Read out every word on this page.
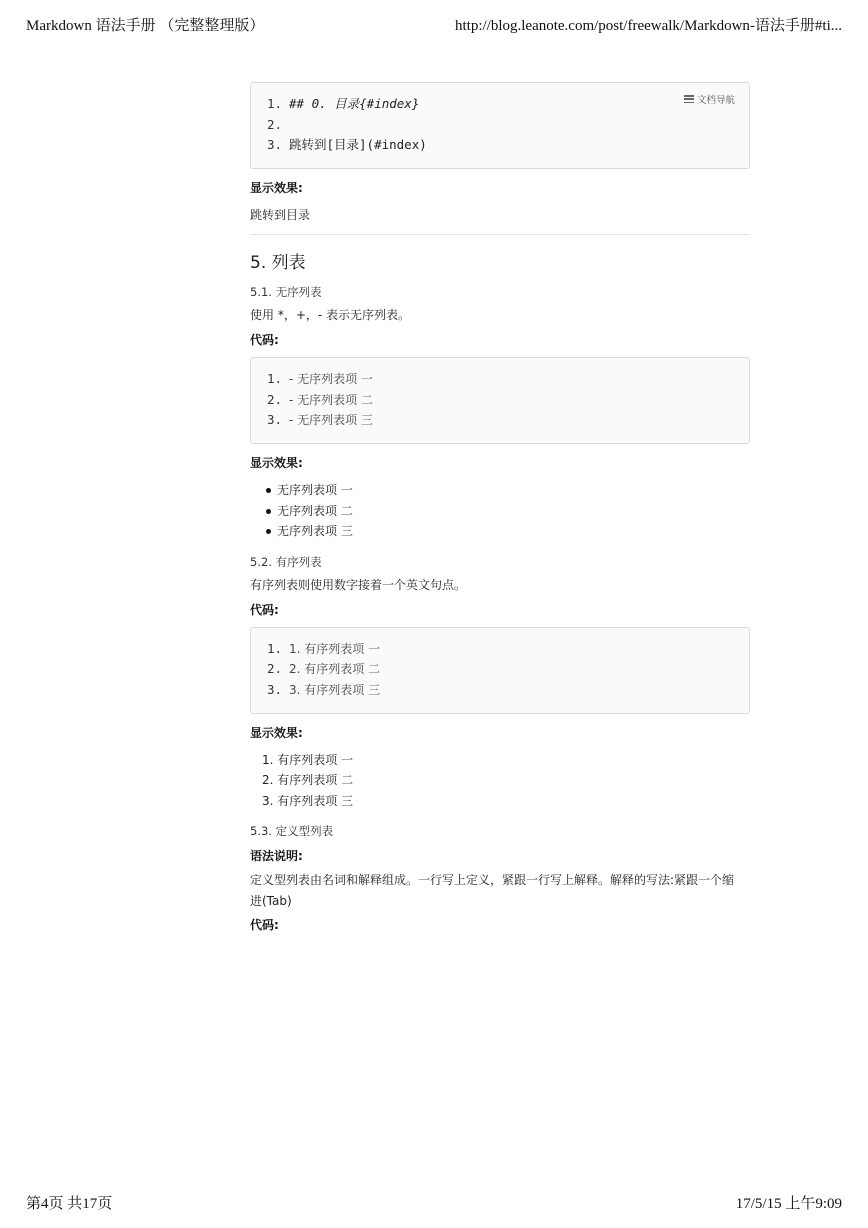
Markdown 语法手册 （完整整理版）	http://blog.leanote.com/post/freewalk/Markdown-语法手册#ti...
文档导航
1. ## 0. 目录{#index}
2.
3. 跳转到[目录](#index)
显示效果:
跳转到目录
5. 列表
5.1. 无序列表
使用 *，+，- 表示无序列表。
代码:
1. - 无序列表项 一
2. - 无序列表项 二
3. - 无序列表项 三
显示效果:
无序列表项 一
无序列表项 二
无序列表项 三
5.2. 有序列表
有序列表则使用数字接着一个英文句点。
代码:
1. 1. 有序列表项 一
2. 2. 有序列表项 二
3. 3. 有序列表项 三
显示效果:
1. 有序列表项 一
2. 有序列表项 二
3. 有序列表项 三
5.3. 定义型列表
语法说明:
定义型列表由名词和解释组成。一行写上定义，紧跟一行写上解释。解释的写法:紧跟一个缩进(Tab)
代码:
第4页 共17页	17/5/15 上午9:09
